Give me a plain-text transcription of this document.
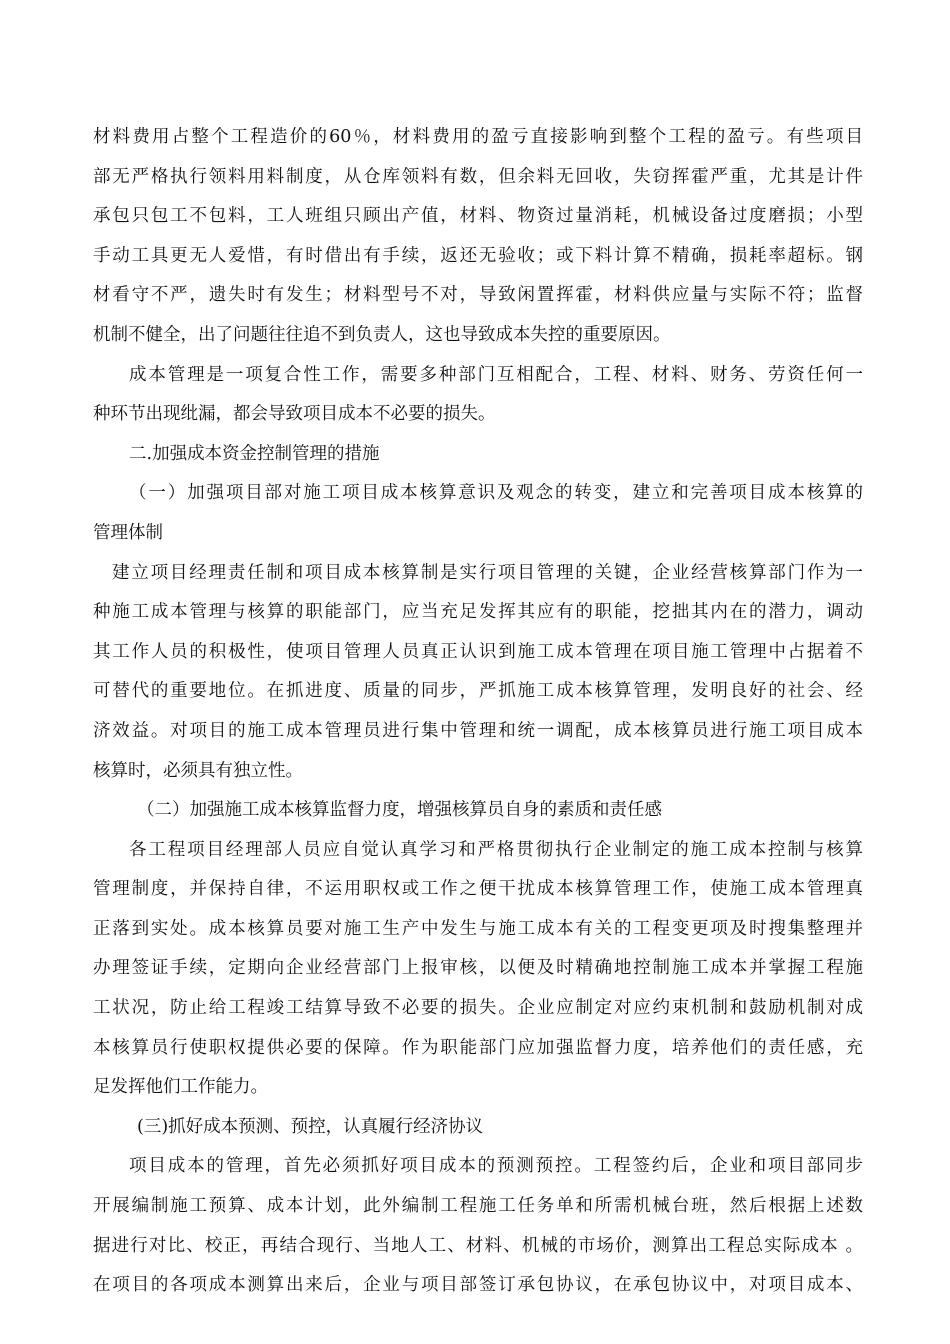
材料费用占整个工程造价的60％，材料费用的盈亏直接影响到整个工程的盈亏。有些项目
部无严格执行领料用料制度，从仓库领料有数，但余料无回收，失窃挥霍严重，尤其是计件
承包只包工不包料，工人班组只顾出产值，材料、物资过量消耗，机械设备过度磨损；小型
手动工具更无人爱惜，有时借出有手续，返还无验收；或下料计算不精确，损耗率超标。钢
材看守不严，遗失时有发生；材料型号不对，导致闲置挥霍，材料供应量与实际不符；监督
机制不健全，出了问题往往追不到负责人，这也导致成本失控的重要原因。
成本管理是一项复合性工作，需要多种部门互相配合，工程、材料、财务、劳资任何一
种环节出现纰漏，都会导致项目成本不必要的损失。
二.加强成本资金控制管理的措施
（一）加强项目部对施工项目成本核算意识及观念的转变，建立和完善项目成本核算的
管理体制
建立项目经理责任制和项目成本核算制是实行项目管理的关键，企业经营核算部门作为一
种施工成本管理与核算的职能部门，应当充足发挥其应有的职能，挖拙其内在的潜力，调动
其工作人员的积极性，使项目管理人员真正认识到施工成本管理在项目施工管理中占据着不
可替代的重要地位。在抓进度、质量的同步，严抓施工成本核算管理，发明良好的社会、经
济效益。对项目的施工成本管理员进行集中管理和统一调配，成本核算员进行施工项目成本
核算时，必须具有独立性。
（二）加强施工成本核算监督力度，增强核算员自身的素质和责任感
各工程项目经理部人员应自觉认真学习和严格贯彻执行企业制定的施工成本控制与核算
管理制度，并保持自律，不运用职权或工作之便干扰成本核算管理工作，使施工成本管理真
正落到实处。成本核算员要对施工生产中发生与施工成本有关的工程变更项及时搜集整理并
办理签证手续，定期向企业经营部门上报审核，以便及时精确地控制施工成本并掌握工程施
工状况，防止给工程竣工结算导致不必要的损失。企业应制定对应约束机制和鼓励机制对成
本核算员行使职权提供必要的保障。作为职能部门应加强监督力度，培养他们的责任感，充
足发挥他们工作能力。
(三)抓好成本预测、预控，认真履行经济协议
项目成本的管理，首先必须抓好项目成本的预测预控。工程签约后，企业和项目部同步
开展编制施工预算、成本计划，此外编制工程施工任务单和所需机械台班，然后根据上述数
据进行对比、校正，再结合现行、当地人工、材料、机械的市场价，测算出工程总实际成本 。
在项目的各项成本测算出来后，企业与项目部签订承包协议，在承包协议中，对项目成本、
